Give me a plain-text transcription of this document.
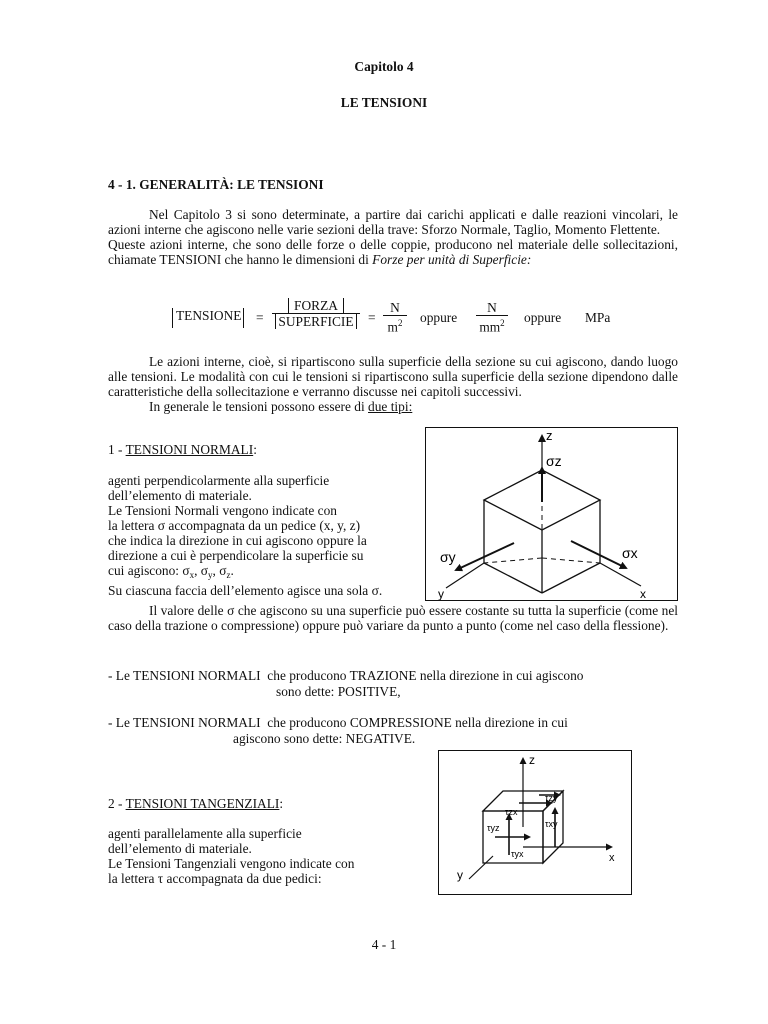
Capitolo 4
LE TENSIONI
4 - 1. GENERALITÀ: LE TENSIONI

Nel Capitolo 3 si sono determinate, a partire dai carichi applicati e dalle reazioni vincolari, le azioni interne che agiscono nelle varie sezioni della trave: Sforzo Normale, Taglio, Momento Flettente.

Queste azioni interne, che sono delle forze o delle coppie, producono nel materiale delle sollecitazioni, chiamate TENSIONI che hanno le dimensioni di Forze per unità di Superficie:

TENSIONE =
FORZA
SUPERFICIE =
N
$m^2$	oppure
N
$mm^2$ oppure MPa

Le azioni interne, cioè, si ripartiscono sulla superficie della sezione su cui agiscono, dando luogo alle tensioni. Le modalità con cui le tensioni si ripartiscono sulla superficie della sezione dipendono dalle caratteristiche della sollecitazione e verranno discusse nei capitoli successivi.

In generale le tensioni possono essere di due tipi:

1 - TENSIONI NORMALI:
agenti perpendicolarmente alla superficie
dell’elemento di materiale.
Le Tensioni Normali vengono indicate con
la lettera σ accompagnata da un pedice (x, y, z)
che indica la direzione in cui agiscono oppure la
direzione a cui è perpendicolare la superficie su
cui agiscono: $\sigma_x$, $\sigma_y$, $\sigma_z$.
Su ciascuna faccia dell’elemento agisce una sola σ.
z
σz
y
σy
x
σx

Il valore delle σ che agiscono su una superficie può essere costante su tutta la superficie (come nel caso della trazione o compressione) oppure può variare da punto a punto (come nel caso della flessione).

- Le TENSIONI NORMALI  che producono TRAZIONE nella direzione in cui agiscono
sono dette: POSITIVE,
- Le TENSIONI NORMALI  che producono COMPRESSIONE nella direzione in cui
agiscono sono dette: NEGATIVE.
2 - TENSIONI TANGENZIALI:
agenti parallelamente alla superficie
dell’elemento di materiale.
Le Tensioni Tangenziali vengono indicate con
la lettera τ accompagnata da due pedici:
z
x
y
τzx
τzy
τyz	τxy
τyx
4 - 1
